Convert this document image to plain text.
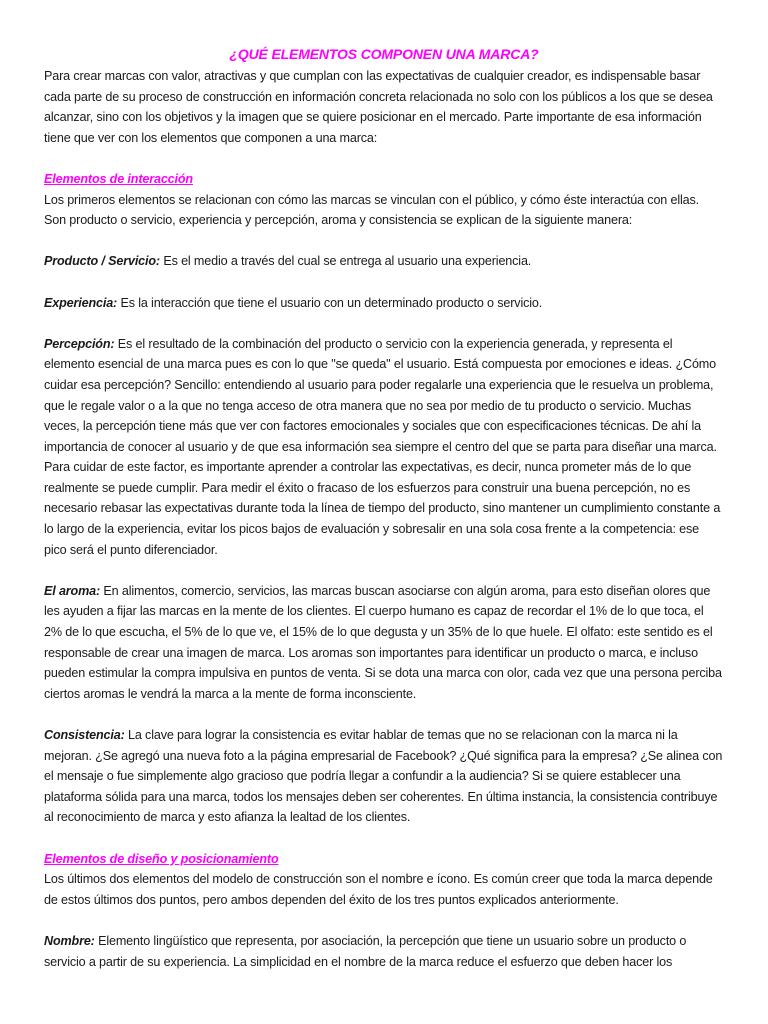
¿QUÉ ELEMENTOS COMPONEN UNA MARCA?

Para crear marcas con valor, atractivas y que cumplan con las expectativas de cualquier creador, es indispensable basar cada parte de su proceso de construcción en información concreta relacionada no solo con los públicos a los que se desea alcanzar, sino con los objetivos y la imagen que se quiere posicionar en el mercado. Parte importante de esa información tiene que ver con los elementos que componen a una marca:

Elementos de interacción

Los primeros elementos se relacionan con cómo las marcas se vinculan con el público, y cómo éste interactúa con ellas. Son producto o servicio, experiencia y percepción, aroma y consistencia se explican de la siguiente manera:

Producto / Servicio: Es el medio a través del cual se entrega al usuario una experiencia.

Experiencia: Es la interacción que tiene el usuario con un determinado producto o servicio.

Percepción: Es el resultado de la combinación del producto o servicio con la experiencia generada, y representa el elemento esencial de una marca pues es con lo que "se queda" el usuario. Está compuesta por emociones e ideas. ¿Cómo cuidar esa percepción? Sencillo: entendiendo al usuario para poder regalarle una experiencia que le resuelva un problema, que le regale valor o a la que no tenga acceso de otra manera que no sea por medio de tu producto o servicio. Muchas veces, la percepción tiene más que ver con factores emocionales y sociales que con especificaciones técnicas. De ahí la importancia de conocer al usuario y de que esa información sea siempre el centro del que se parta para diseñar una marca. Para cuidar de este factor, es importante aprender a controlar las expectativas, es decir, nunca prometer más de lo que realmente se puede cumplir. Para medir el éxito o fracaso de los esfuerzos para construir una buena percepción, no es necesario rebasar las expectativas durante toda la línea de tiempo del producto, sino mantener un cumplimiento constante a lo largo de la experiencia, evitar los picos bajos de evaluación y sobresalir en una sola cosa frente a la competencia: ese pico será el punto diferenciador.

El aroma: En alimentos, comercio, servicios, las marcas buscan asociarse con algún aroma, para esto diseñan olores que les ayuden a fijar las marcas en la mente de los clientes. El cuerpo humano es capaz de recordar el 1% de lo que toca, el 2% de lo que escucha, el 5% de lo que ve, el 15% de lo que degusta y un 35% de lo que huele. El olfato: este sentido es el responsable de crear una imagen de marca. Los aromas son importantes para identificar un producto o marca, e incluso pueden estimular la compra impulsiva en puntos de venta. Si se dota una marca con olor, cada vez que una persona perciba ciertos aromas le vendrá la marca a la mente de forma inconsciente.

Consistencia: La clave para lograr la consistencia es evitar hablar de temas que no se relacionan con la marca ni la mejoran. ¿Se agregó una nueva foto a la página empresarial de Facebook? ¿Qué significa para la empresa? ¿Se alinea con el mensaje o fue simplemente algo gracioso que podría llegar a confundir a la audiencia? Si se quiere establecer una plataforma sólida para una marca, todos los mensajes deben ser coherentes. En última instancia, la consistencia contribuye al reconocimiento de marca y esto afianza la lealtad de los clientes.

Elementos de diseño y posicionamiento

Los últimos dos elementos del modelo de construcción son el nombre e ícono. Es común creer que toda la marca depende de estos últimos dos puntos, pero ambos dependen del éxito de los tres puntos explicados anteriormente.

Nombre: Elemento lingüístico que representa, por asociación, la percepción que tiene un usuario sobre un producto o servicio a partir de su experiencia. La simplicidad en el nombre de la marca reduce el esfuerzo que deben hacer los
